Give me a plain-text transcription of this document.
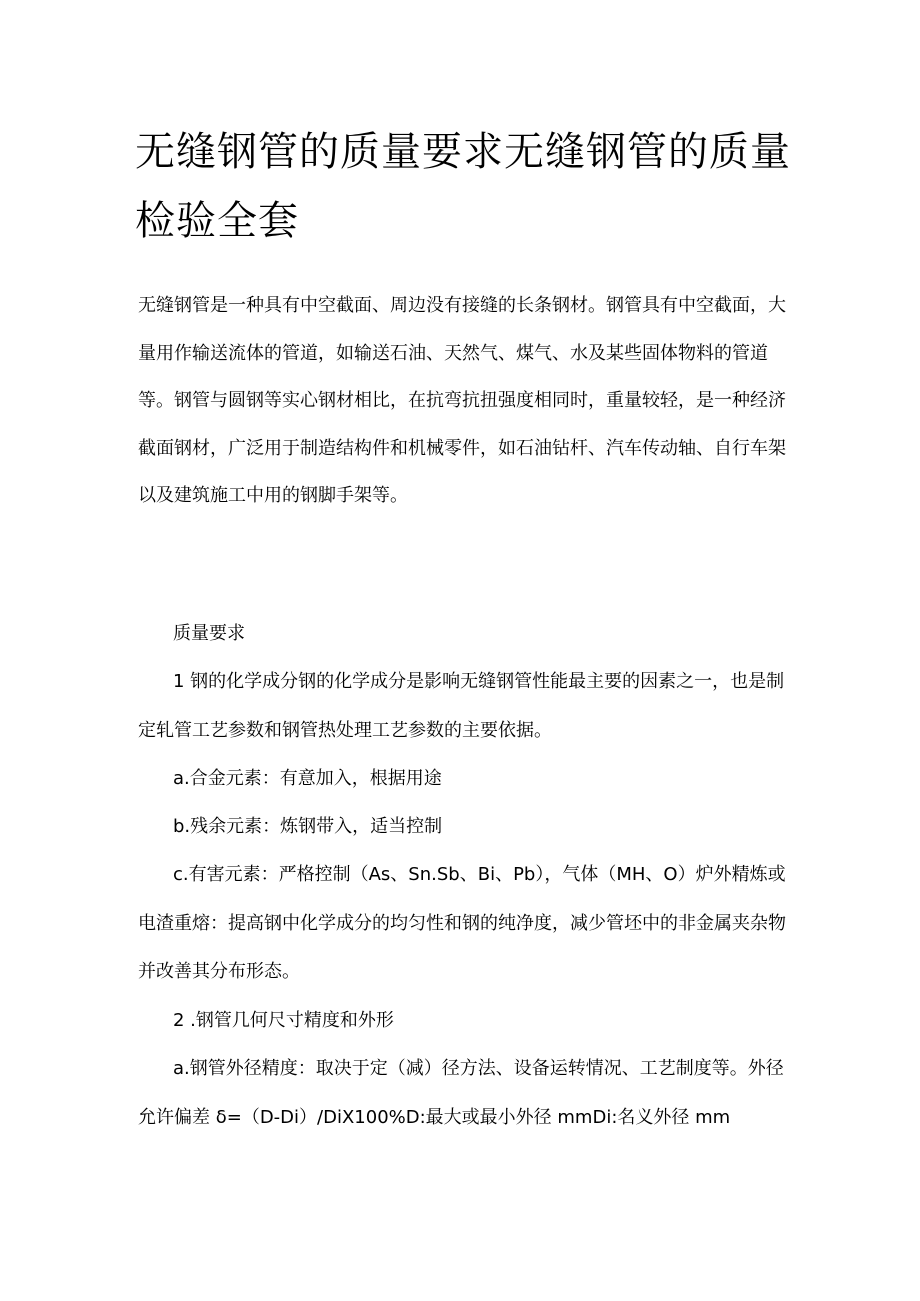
无缝钢管的质量要求无缝钢管的质量检验全套

无缝钢管是一种具有中空截面、周边没有接缝的长条钢材。钢管具有中空截面，大量用作输送流体的管道，如输送石油、天然气、煤气、水及某些固体物料的管道等。钢管与圆钢等实心钢材相比，在抗弯抗扭强度相同时，重量较轻，是一种经济截面钢材，广泛用于制造结构件和机械零件，如石油钻杆、汽车传动轴、自行车架以及建筑施工中用的钢脚手架等。

质量要求

1 钢的化学成分钢的化学成分是影响无缝钢管性能最主要的因素之一，也是制定轧管工艺参数和钢管热处理工艺参数的主要依据。

a.合金元素：有意加入，根据用途

b.残余元素：炼钢带入，适当控制

c.有害元素：严格控制（As、Sn.Sb、Bi、Pb），气体（MH、O）炉外精炼或电渣重熔：提高钢中化学成分的均匀性和钢的纯净度，减少管坯中的非金属夹杂物并改善其分布形态。

2 .钢管几何尺寸精度和外形

a.钢管外径精度：取决于定（减）径方法、设备运转情况、工艺制度等。外径允许偏差 δ=（D-Di）/DiX100%D:最大或最小外径 mmDi:名义外径 mm
